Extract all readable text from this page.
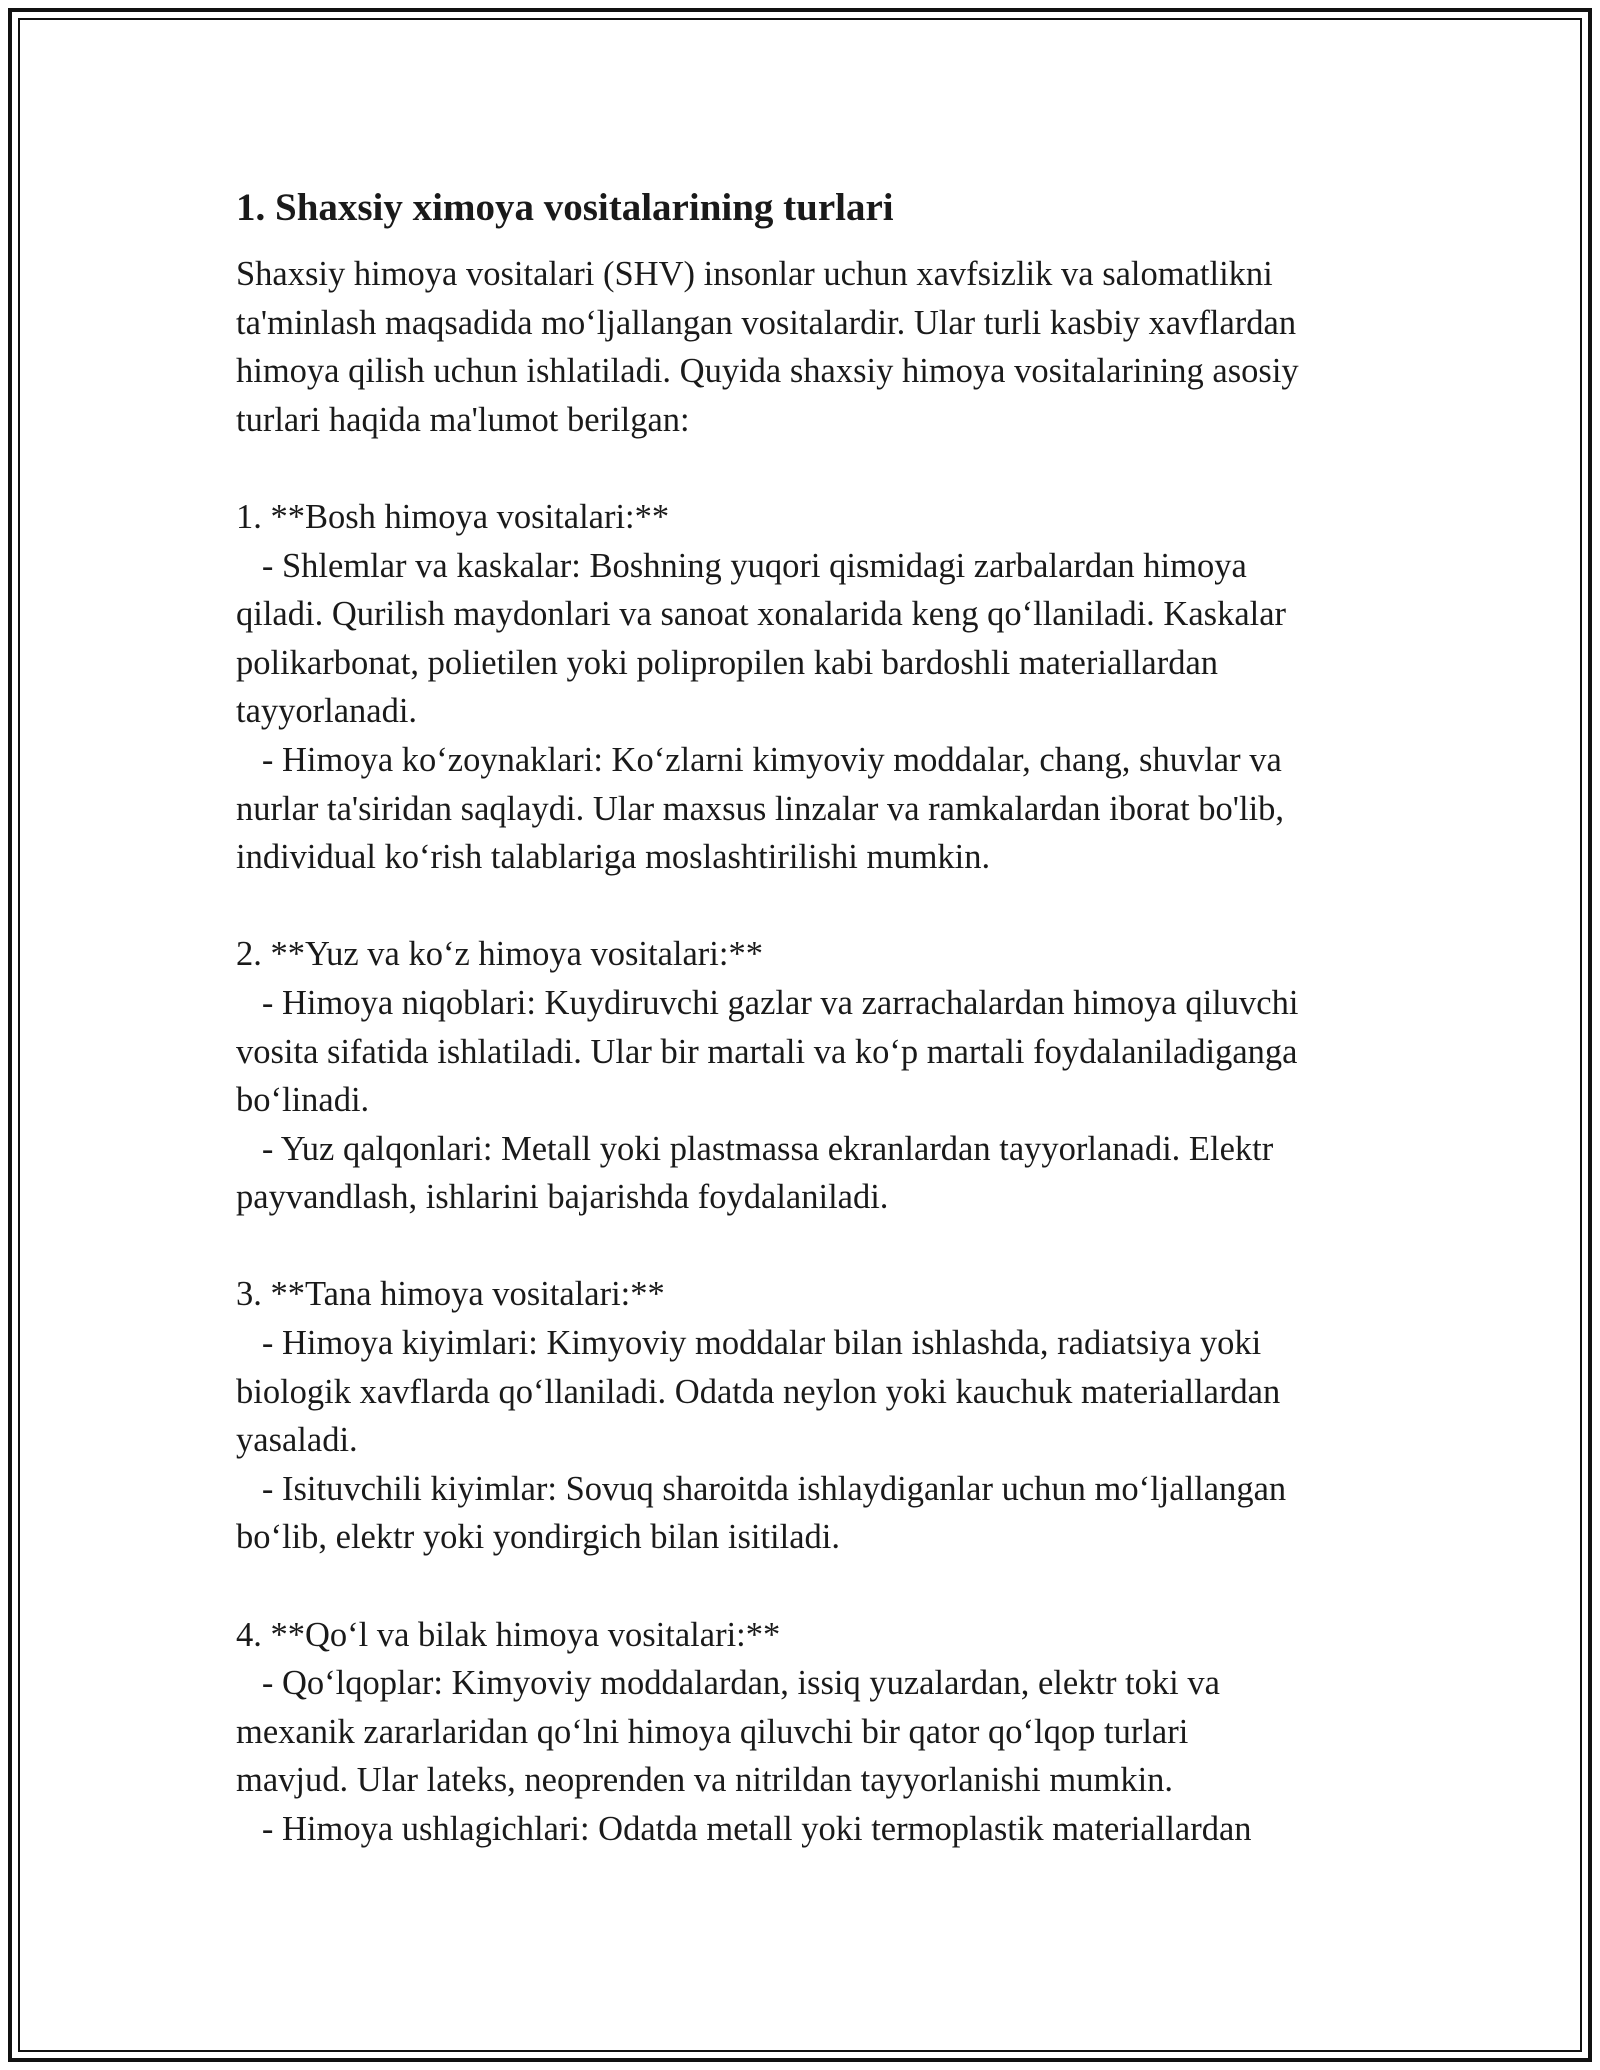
1. Shaxsiy ximoya vositalarining turlari

Shaxsiy himoya vositalari (SHV) insonlar uchun xavfsizlik va salomatlikni
ta'minlash maqsadida moʻljallangan vositalardir. Ular turli kasbiy xavflardan
himoya qilish uchun ishlatiladi. Quyida shaxsiy himoya vositalarining asosiy
turlari haqida ma'lumot berilgan:

1. **Bosh himoya vositalari:**
- Shlemlar va kaskalar: Boshning yuqori qismidagi zarbalardan himoya
qiladi. Qurilish maydonlari va sanoat xonalarida keng qoʻllaniladi. Kaskalar
polikarbonat, polietilen yoki polipropilen kabi bardoshli materiallardan
tayyorlanadi.
- Himoya koʻzoynaklari: Koʻzlarni kimyoviy moddalar, chang, shuvlar va
nurlar ta'siridan saqlaydi. Ular maxsus linzalar va ramkalardan iborat bo'lib,
individual koʻrish talablariga moslashtirilishi mumkin.

2. **Yuz va koʻz himoya vositalari:**
- Himoya niqoblari: Kuydiruvchi gazlar va zarrachalardan himoya qiluvchi
vosita sifatida ishlatiladi. Ular bir martali va koʻp martali foydalaniladiganga
boʻlinadi.
- Yuz qalqonlari: Metall yoki plastmassa ekranlardan tayyorlanadi. Elektr
payvandlash, ishlarini bajarishda foydalaniladi.

3. **Tana himoya vositalari:**
- Himoya kiyimlari: Kimyoviy moddalar bilan ishlashda, radiatsiya yoki
biologik xavflarda qoʻllaniladi. Odatda neylon yoki kauchuk materiallardan
yasaladi.
- Isituvchili kiyimlar: Sovuq sharoitda ishlaydiganlar uchun moʻljallangan
boʻlib, elektr yoki yondirgich bilan isitiladi.

4. **Qoʻl va bilak himoya vositalari:**
- Qoʻlqoplar: Kimyoviy moddalardan, issiq yuzalardan, elektr toki va
mexanik zararlaridan qoʻlni himoya qiluvchi bir qator qoʻlqop turlari
mavjud. Ular lateks, neoprenden va nitrildan tayyorlanishi mumkin.
- Himoya ushlagichlari: Odatda metall yoki termoplastik materiallardan
